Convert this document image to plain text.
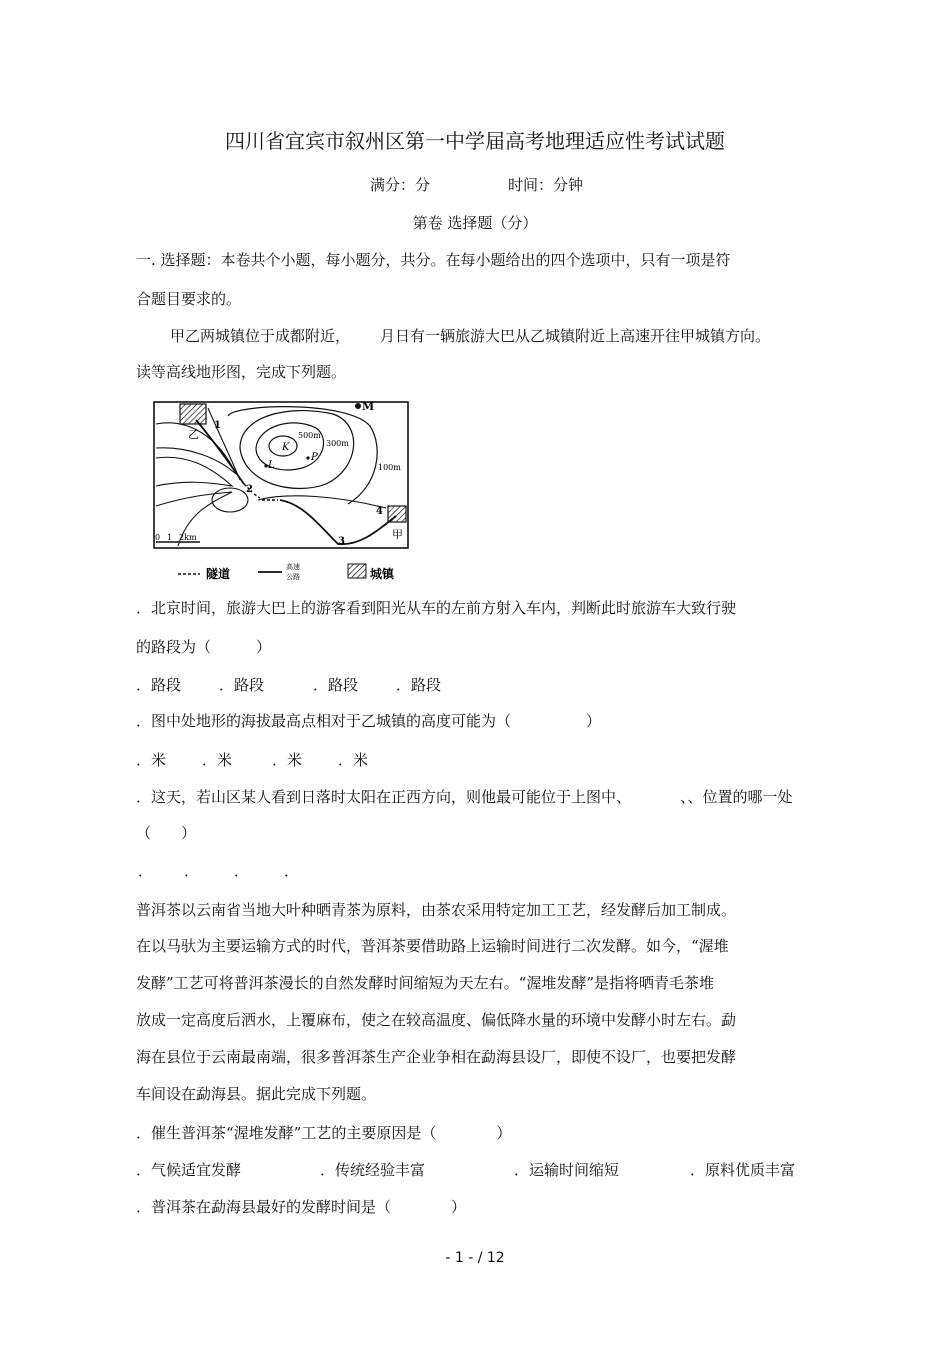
四川省宜宾市叙州区第一中学届高考地理适应性考试试题
满分：分	时间：分钟
第卷 选择题（分）
一. 选择题：本卷共个小题，每小题分，共分。在每小题给出的四个选项中，只有一项是符
合题目要求的。
甲乙两城镇位于成都附近， 月日有一辆旅游大巴从乙城镇附近上高速开往甲城镇方向。
读等高线地形图，完成下列题。
乙
甲
M
K
L
P
500m
300m
100m
1
2
3
4
0 1 2km
隧道	高速
公路	城镇
．北京时间，旅游大巴上的游客看到阳光从车的左前方射入车内，判断此时旅游车大致行驶
的路段为（　　　）
．路段	．路段	．路段	．路段
．图中处地形的海拔最高点相对于乙城镇的高度可能为（　　　　　）
．米 ．米	．米 ．米
．这天，若山区某人看到日落时太阳在正西方向，则他最可能位于上图中、	、、位置的哪一处
（　　）
． ． ． ．
普洱茶以云南省当地大叶种晒青茶为原料，由茶农采用特定加工工艺，经发酵后加工制成。
在以马驮为主要运输方式的时代，普洱茶要借助路上运输时间进行二次发酵。如今，“渥堆
发酵”工艺可将普洱茶漫长的自然发酵时间缩短为天左右。“渥堆发酵”是指将晒青毛茶堆
放成一定高度后洒水，上覆麻布，使之在较高温度、偏低降水量的环境中发酵小时左右。勐
海在县位于云南最南端，很多普洱茶生产企业争相在勐海县设厂，即使不设厂，也要把发酵
车间设在勐海县。据此完成下列题。
．催生普洱茶“渥堆发酵”工艺的主要原因是（　　　　）
．气候适宜发酵	．传统经验丰富	．运输时间缩短	．原料优质丰富
．普洱茶在勐海县最好的发酵时间是（　　　　）
- 1 - / 12
